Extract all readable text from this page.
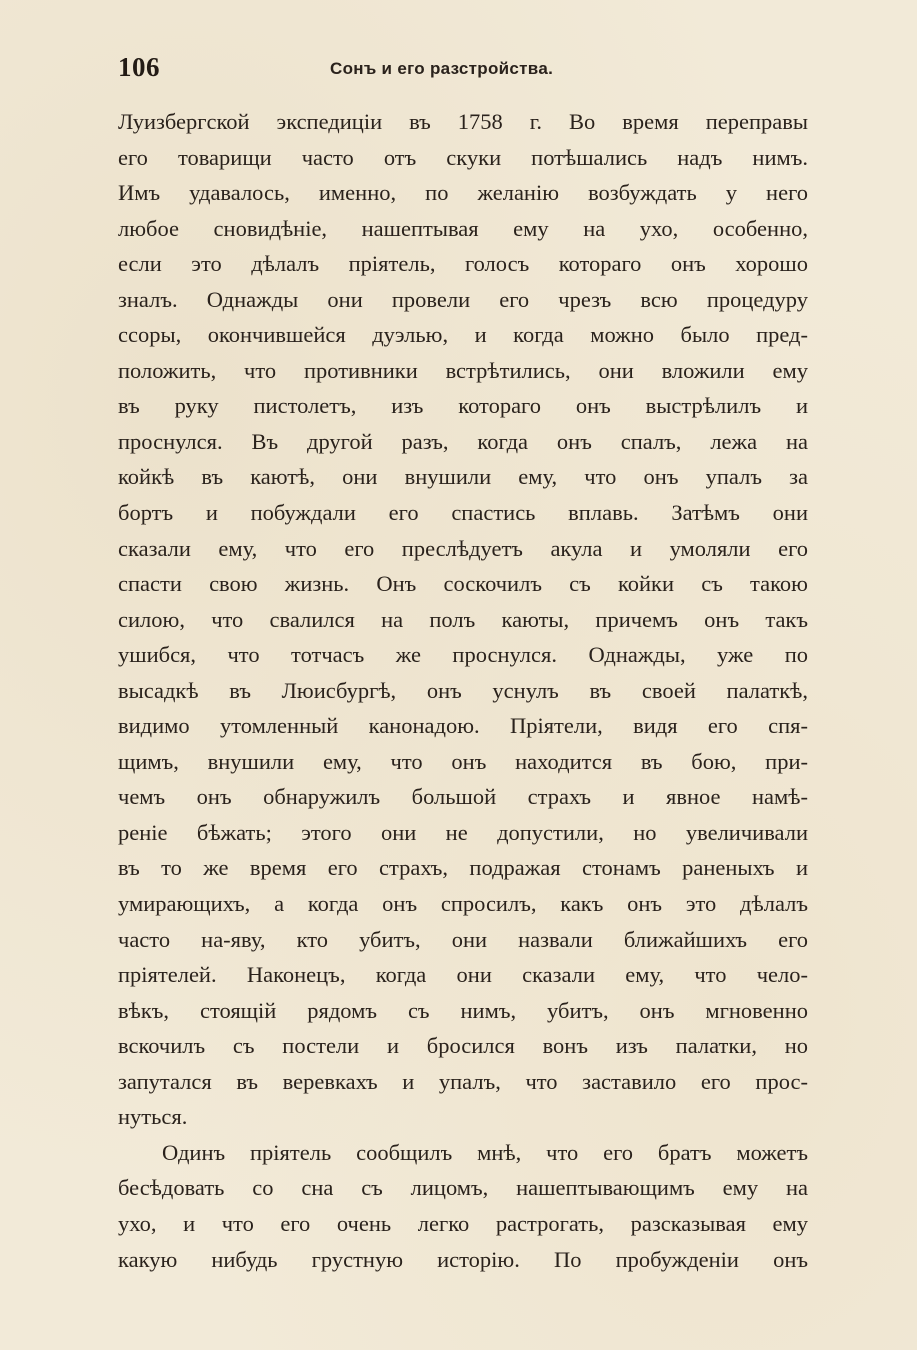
106	Сонъ и его разстройства.
Луизбергской экспедиціи въ 1758 г. Во время переправы
его товарищи часто отъ скуки потѣшались надъ нимъ.
Имъ удавалось, именно, по желанію возбуждать у него
любое сновидѣніе, нашептывая ему на ухо, особенно,
если это дѣлалъ пріятель, голосъ котораго онъ хорошо
зналъ. Однажды они провели его чрезъ всю процедуру
ссоры, окончившейся дуэлью, и когда можно было пред-
положить, что противники встрѣтились, они вложили ему
въ руку пистолетъ, изъ котораго онъ выстрѣлилъ и
проснулся. Въ другой разъ, когда онъ спалъ, лежа на
койкѣ въ каютѣ, они внушили ему, что онъ упалъ за
бортъ и побуждали его спастись вплавь. Затѣмъ они
сказали ему, что его преслѣдуетъ акула и умоляли его
спасти свою жизнь. Онъ соскочилъ съ койки съ такою
силою, что свалился на полъ каюты, причемъ онъ такъ
ушибся, что тотчасъ же проснулся. Однажды, уже по
высадкѣ въ Люисбургѣ, онъ уснулъ въ своей палаткѣ,
видимо утомленный канонадою. Пріятели, видя его спя-
щимъ, внушили ему, что онъ находится въ бою, при-
чемъ онъ обнаружилъ большой страхъ и явное намѣ-
реніе бѣжать; этого они не допустили, но увеличивали
въ то же время его страхъ, подражая стонамъ раненыхъ и
умирающихъ, а когда онъ спросилъ, какъ онъ это дѣлалъ
часто на-яву, кто убитъ, они назвали ближайшихъ его
пріятелей. Наконецъ, когда они сказали ему, что чело-
вѣкъ, стоящій рядомъ съ нимъ, убитъ, онъ мгновенно
вскочилъ съ постели и бросился вонъ изъ палатки, но
запутался въ веревкахъ и упалъ, что заставило его прос-
нуться.
Одинъ пріятель сообщилъ мнѣ, что его братъ можетъ
бесѣдовать со сна съ лицомъ, нашептывающимъ ему на
ухо, и что его очень легко растрогать, разсказывая ему
какую нибудь грустную исторію. По пробужденіи онъ
